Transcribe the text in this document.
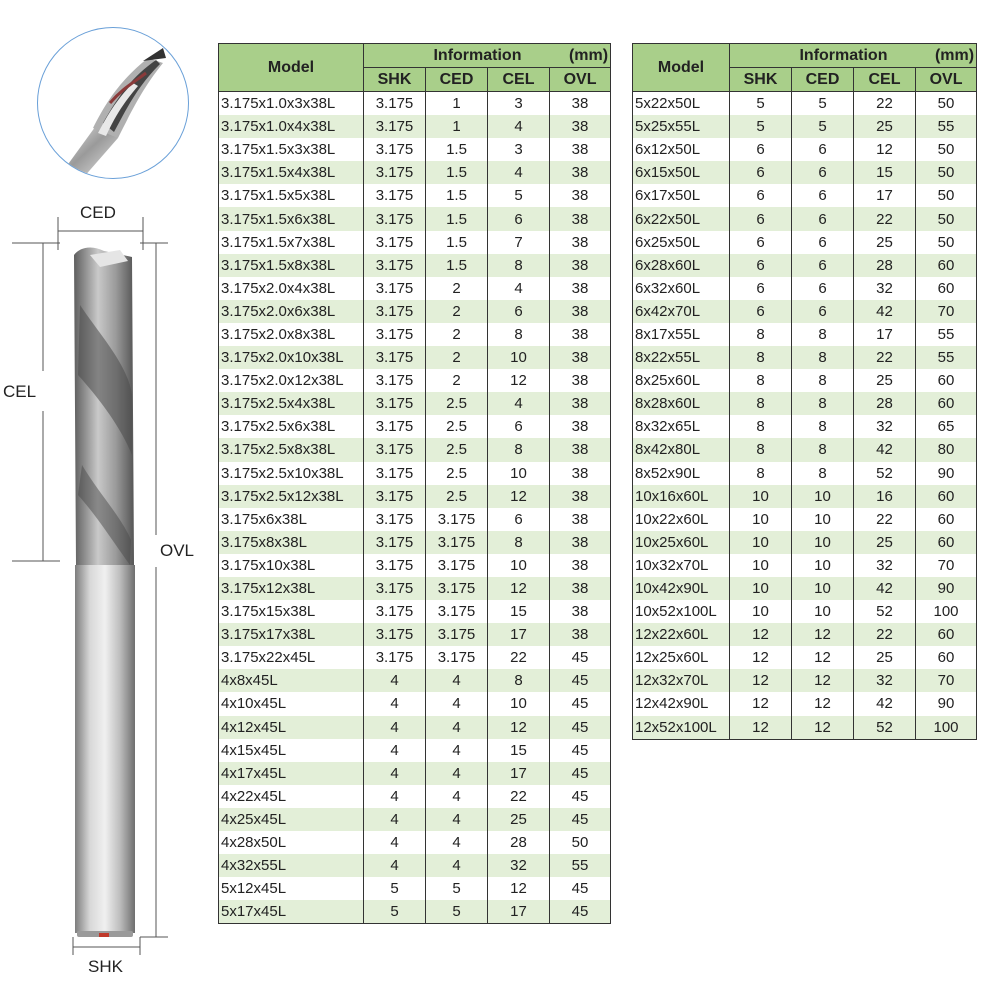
CED
CEL
OVL
SHK
Model	Information (mm)			

	SHK	CED	CEL	OVL
3.175x1.0x3x38L	3.175	1	3	38
3.175x1.0x4x38L	3.175	1	4	38
3.175x1.5x3x38L	3.175	1.5	3	38
3.175x1.5x4x38L	3.175	1.5	4	38
3.175x1.5x5x38L	3.175	1.5	5	38
3.175x1.5x6x38L	3.175	1.5	6	38
3.175x1.5x7x38L	3.175	1.5	7	38
3.175x1.5x8x38L	3.175	1.5	8	38
3.175x2.0x4x38L	3.175	2	4	38
3.175x2.0x6x38L	3.175	2	6	38
3.175x2.0x8x38L	3.175	2	8	38
3.175x2.0x10x38L	3.175	2	10	38
3.175x2.0x12x38L	3.175	2	12	38
3.175x2.5x4x38L	3.175	2.5	4	38
3.175x2.5x6x38L	3.175	2.5	6	38
3.175x2.5x8x38L	3.175	2.5	8	38
3.175x2.5x10x38L	3.175	2.5	10	38
3.175x2.5x12x38L	3.175	2.5	12	38
3.175x6x38L	3.175	3.175	6	38
3.175x8x38L	3.175	3.175	8	38
3.175x10x38L	3.175	3.175	10	38
3.175x12x38L	3.175	3.175	12	38
3.175x15x38L	3.175	3.175	15	38
3.175x17x38L	3.175	3.175	17	38
3.175x22x45L	3.175	3.175	22	45
4x8x45L	4	4	8	45
4x10x45L	4	4	10	45
4x12x45L	4	4	12	45
4x15x45L	4	4	15	45
4x17x45L	4	4	17	45
4x22x45L	4	4	22	45
4x25x45L	4	4	25	45
4x28x50L	4	4	28	50
4x32x55L	4	4	32	55
5x12x45L	5	5	12	45
5x17x45L	5	5	17	45
Model	Information (mm)			

	SHK	CED	CEL	OVL
5x22x50L	5	5	22	50
5x25x55L	5	5	25	55
6x12x50L	6	6	12	50
6x15x50L	6	6	15	50
6x17x50L	6	6	17	50
6x22x50L	6	6	22	50
6x25x50L	6	6	25	50
6x28x60L	6	6	28	60
6x32x60L	6	6	32	60
6x42x70L	6	6	42	70
8x17x55L	8	8	17	55
8x22x55L	8	8	22	55
8x25x60L	8	8	25	60
8x28x60L	8	8	28	60
8x32x65L	8	8	32	65
8x42x80L	8	8	42	80
8x52x90L	8	8	52	90
10x16x60L	10	10	16	60
10x22x60L	10	10	22	60
10x25x60L	10	10	25	60
10x32x70L	10	10	32	70
10x42x90L	10	10	42	90
10x52x100L	10	10	52	100
12x22x60L	12	12	22	60
12x25x60L	12	12	25	60
12x32x70L	12	12	32	70
12x42x90L	12	12	42	90
12x52x100L	12	12	52	100
